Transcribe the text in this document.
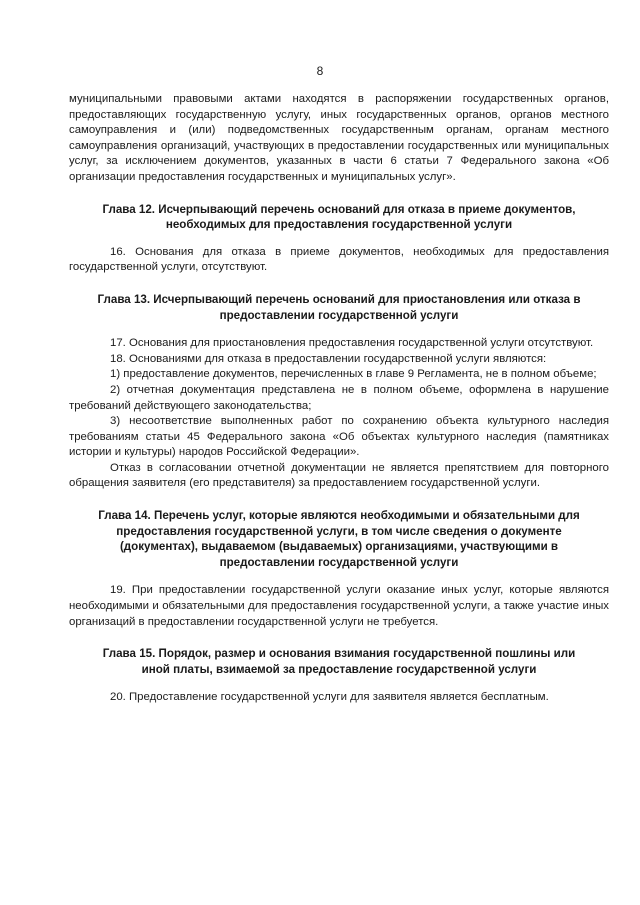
8

муниципальными правовыми актами находятся в распоряжении государственных органов, предоставляющих государственную услугу, иных государственных органов, органов местного самоуправления и (или) подведомственных государственным органам, органам местного самоуправления организаций, участвующих в предоставлении государственных или муниципальных услуг, за исключением документов, указанных в части 6 статьи 7 Федерального закона «Об организации предоставления государственных и муниципальных услуг».

Глава 12. Исчерпывающий перечень оснований для отказа в приеме документов, необходимых для предоставления государственной услуги

16. Основания для отказа в приеме документов, необходимых для предоставления государственной услуги, отсутствуют.

Глава 13. Исчерпывающий перечень оснований для приостановления или отказа в предоставлении государственной услуги

17. Основания для приостановления предоставления государственной услуги отсутствуют.

18. Основаниями для отказа в предоставлении государственной услуги являются:

1) предоставление документов, перечисленных в главе 9 Регламента, не в полном объеме;

2) отчетная документация представлена не в полном объеме, оформлена в нарушение требований действующего законодательства;

3) несоответствие выполненных работ по сохранению объекта культурного наследия требованиям статьи 45 Федерального закона «Об объектах культурного наследия (памятниках истории и культуры) народов Российской Федерации».

Отказ в согласовании отчетной документации не является препятствием для повторного обращения заявителя (его представителя) за предоставлением государственной услуги.

Глава 14. Перечень услуг, которые являются необходимыми и обязательными для предоставления государственной услуги, в том числе сведения о документе (документах), выдаваемом (выдаваемых) организациями, участвующими в предоставлении государственной услуги

19. При предоставлении государственной услуги оказание иных услуг, которые являются необходимыми и обязательными для предоставления государственной услуги, а также участие иных организаций в предоставлении государственной услуги не требуется.

Глава 15. Порядок, размер и основания взимания государственной пошлины или иной платы, взимаемой за предоставление государственной услуги

20. Предоставление государственной услуги для заявителя является бесплатным.
